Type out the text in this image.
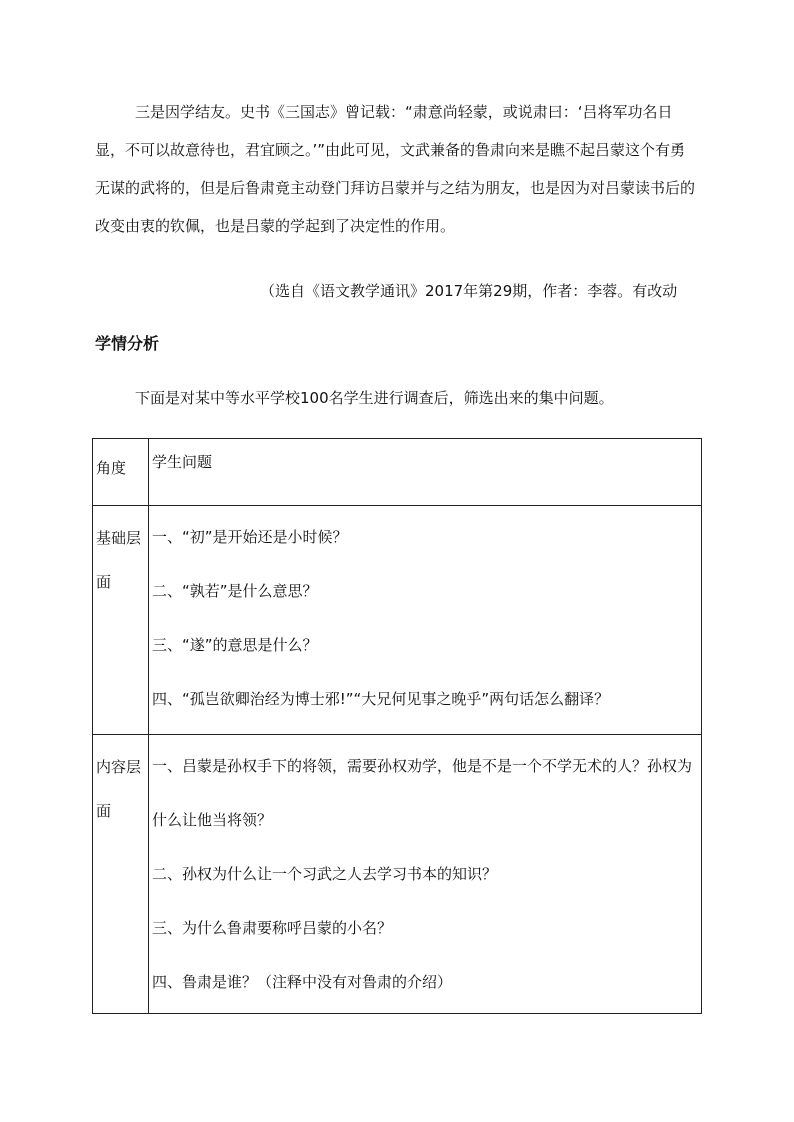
三是因学结友。史书《三国志》曾记载：“肃意尚轻蒙，或说肃曰：‘吕将军功名日显，不可以故意待也，君宜顾之。’”由此可见，文武兼备的鲁肃向来是瞧不起吕蒙这个有勇无谋的武将的，但是后鲁肃竟主动登门拜访吕蒙并与之结为朋友，也是因为对吕蒙读书后的改变由衷的钦佩，也是吕蒙的学起到了决定性的作用。

（选自《语文教学通讯》2017年第29期，作者：李蓉。有改动

学情分析

下面是对某中等水平学校100名学生进行调查后，筛选出来的集中问题。

角度	学生问题
基础层面	一、“初”是开始还是小时候？
二、“孰若”是什么意思？
三、“遂”的意思是什么？
四、“孤岂欲卿治经为博士邪!”“大兄何见事之晚乎”两句话怎么翻译？

内容层面	一、吕蒙是孙权手下的将领，需要孙权劝学，他是不是一个不学无术的人？孙权为什么让他当将领？
二、孙权为什么让一个习武之人去学习书本的知识？
三、为什么鲁肃要称呼吕蒙的小名？
四、鲁肃是谁？（注释中没有对鲁肃的介绍）
